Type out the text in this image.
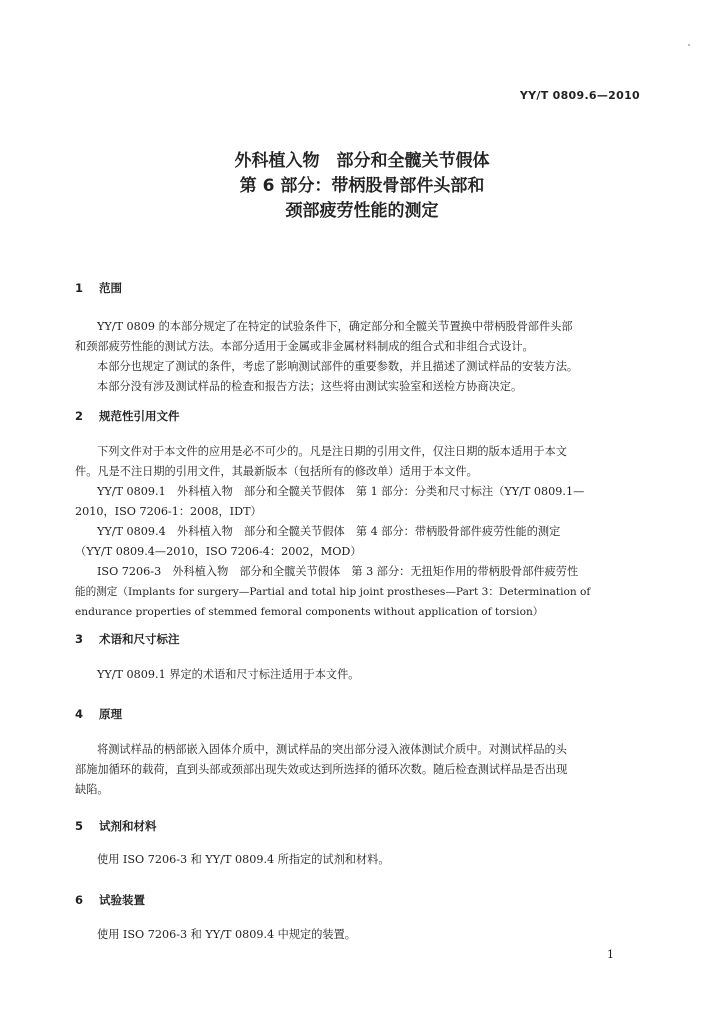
YY/T 0809.6—2010
外科植入物　部分和全髋关节假体
第 6 部分：带柄股骨部件头部和
颈部疲劳性能的测定
1 范围
YY/T 0809 的本部分规定了在特定的试验条件下，确定部分和全髋关节置换中带柄股骨部件头部
和颈部疲劳性能的测试方法。本部分适用于金属或非金属材料制成的组合式和非组合式设计。
本部分也规定了测试的条件，考虑了影响测试部件的重要参数，并且描述了测试样品的安装方法。
本部分没有涉及测试样品的检查和报告方法；这些将由测试实验室和送检方协商决定。
2 规范性引用文件
下列文件对于本文件的应用是必不可少的。凡是注日期的引用文件，仅注日期的版本适用于本文
件。凡是不注日期的引用文件，其最新版本（包括所有的修改单）适用于本文件。
YY/T 0809.1　外科植入物　部分和全髋关节假体　第 1 部分：分类和尺寸标注（YY/T 0809.1—
2010，ISO 7206-1：2008，IDT）
YY/T 0809.4　外科植入物　部分和全髋关节假体　第 4 部分：带柄股骨部件疲劳性能的测定
（YY/T 0809.4—2010，ISO 7206-4：2002，MOD）
ISO 7206-3　外科植入物　部分和全髋关节假体　第 3 部分：无扭矩作用的带柄股骨部件疲劳性
能的测定（Implants for surgery—Partial and total hip joint prostheses—Part 3：Determination of
endurance properties of stemmed femoral components without application of torsion）
3 术语和尺寸标注
YY/T 0809.1 界定的术语和尺寸标注适用于本文件。
4 原理
将测试样品的柄部嵌入固体介质中，测试样品的突出部分浸入液体测试介质中。对测试样品的头
部施加循环的载荷，直到头部或颈部出现失效或达到所选择的循环次数。随后检查测试样品是否出现
缺陷。
5 试剂和材料
使用 ISO 7206-3 和 YY/T 0809.4 所指定的试剂和材料。
6 试验装置
使用 ISO 7206-3 和 YY/T 0809.4 中规定的装置。
1
